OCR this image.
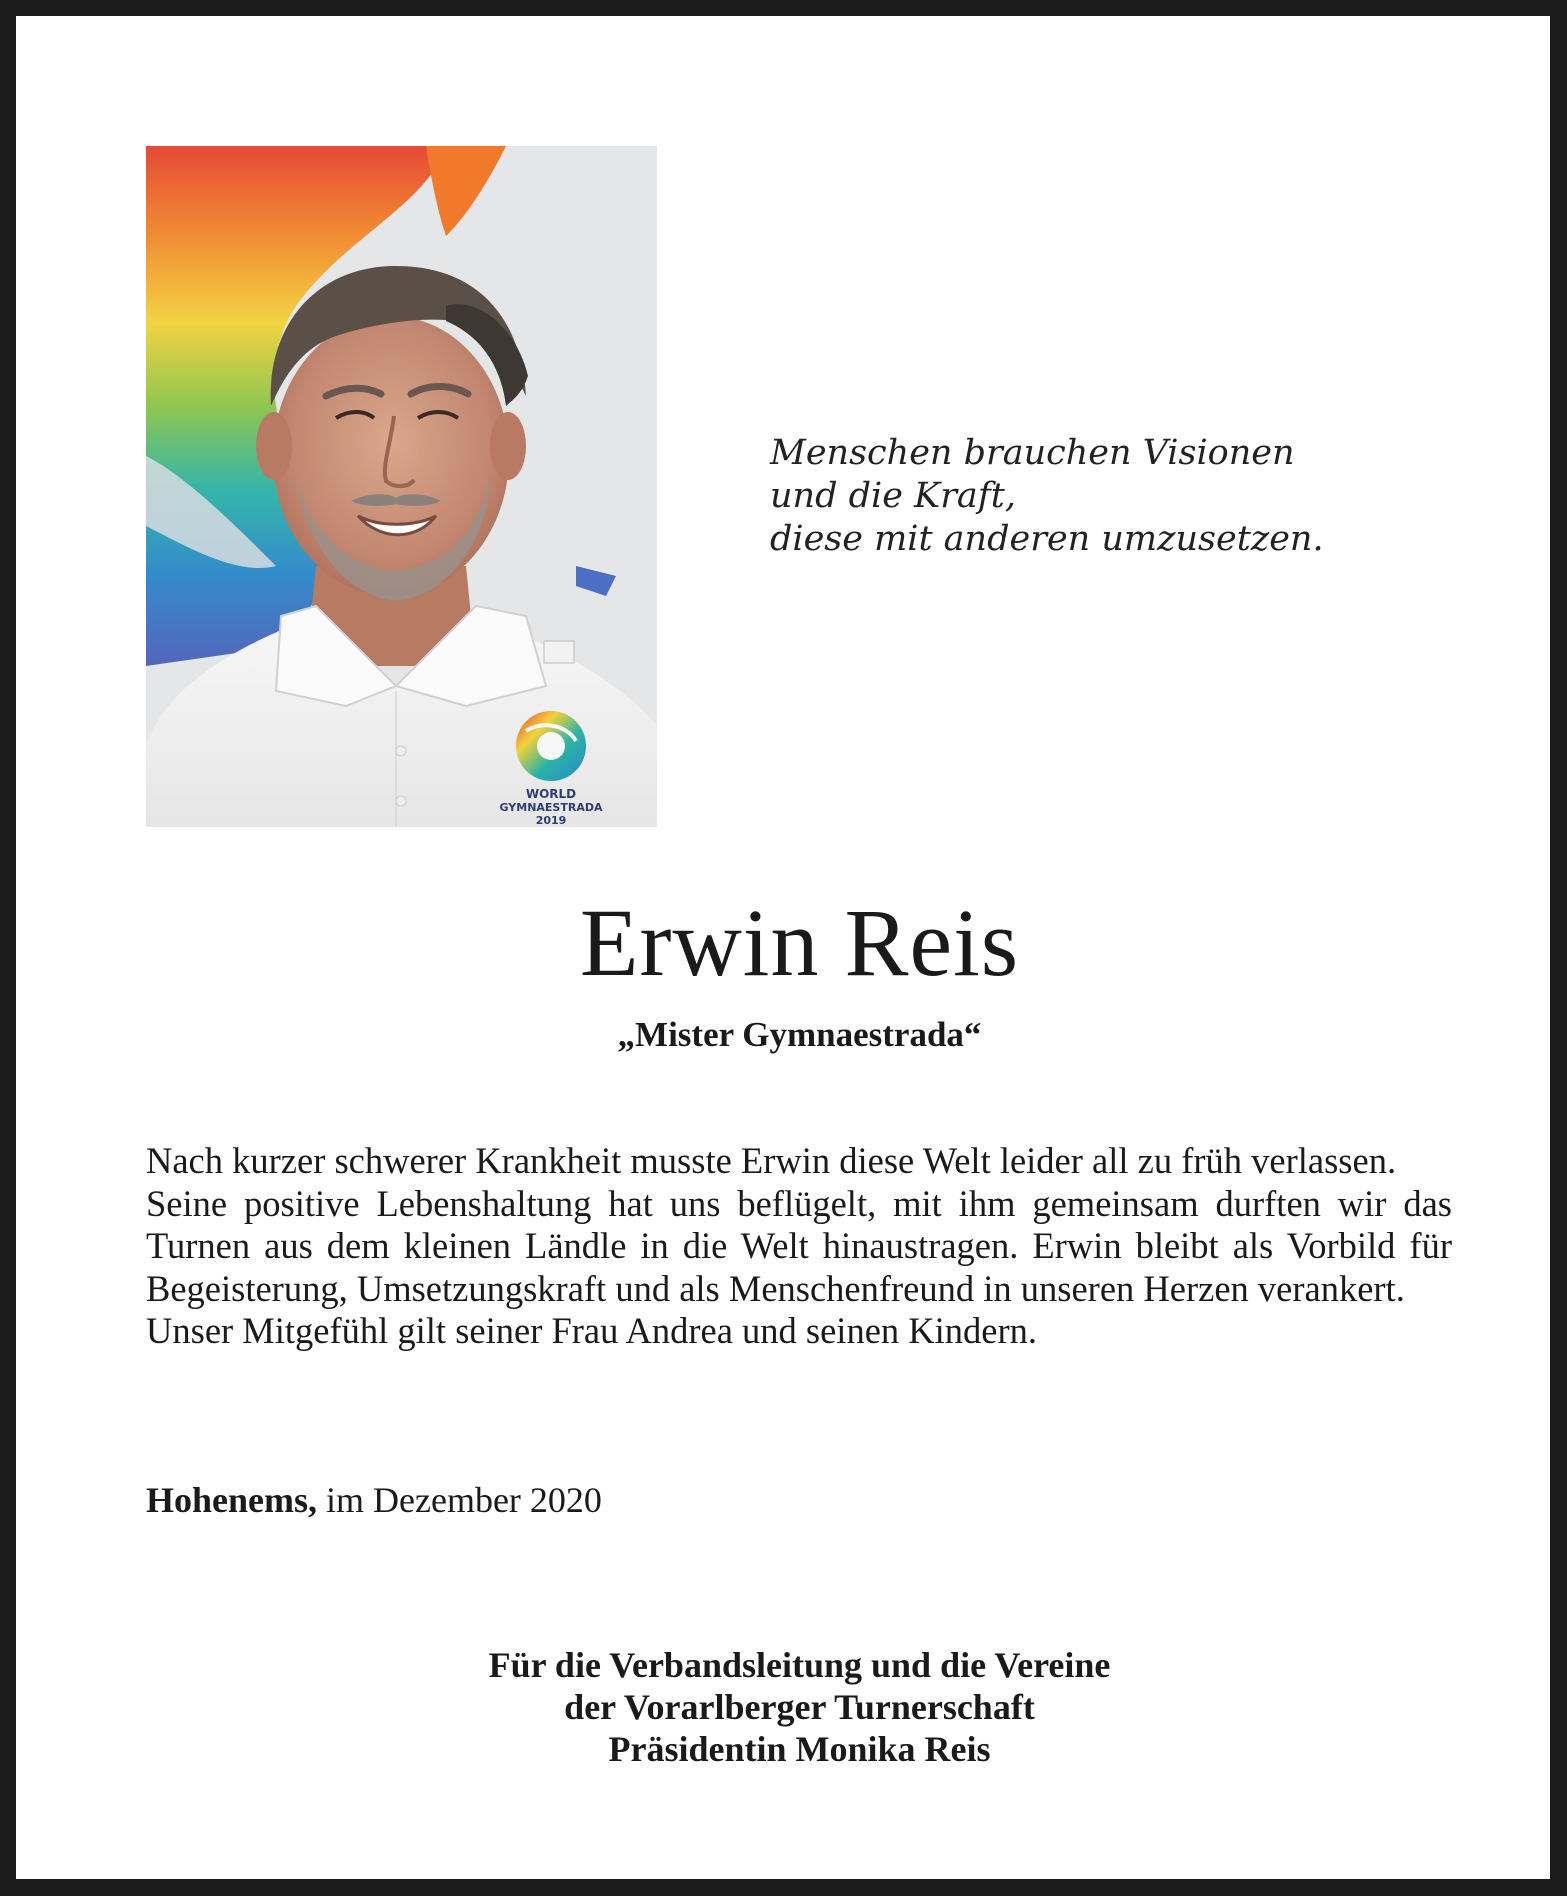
WORLD
GYMNAESTRADA
2019
Menschen brauchen Visionen
und die Kraft,
diese mit anderen umzusetzen.
Erwin Reis
„Mister Gymnaestrada“

Nach kurzer schwerer Krankheit musste Erwin diese Welt leider all zu früh verlassen.

Seine positive Lebenshaltung hat uns beflügelt, mit ihm gemeinsam durften wir das Turnen aus dem kleinen Ländle in die Welt hinaustragen. Erwin bleibt als Vorbild für Begeisterung, Umsetzungskraft und als Menschenfreund in unseren Herzen verankert.

Unser Mitgefühl gilt seiner Frau Andrea und seinen Kindern.

Hohenems, im Dezember 2020
Für die Verbandsleitung und die Vereine
der Vorarlberger Turnerschaft
Präsidentin Monika Reis
